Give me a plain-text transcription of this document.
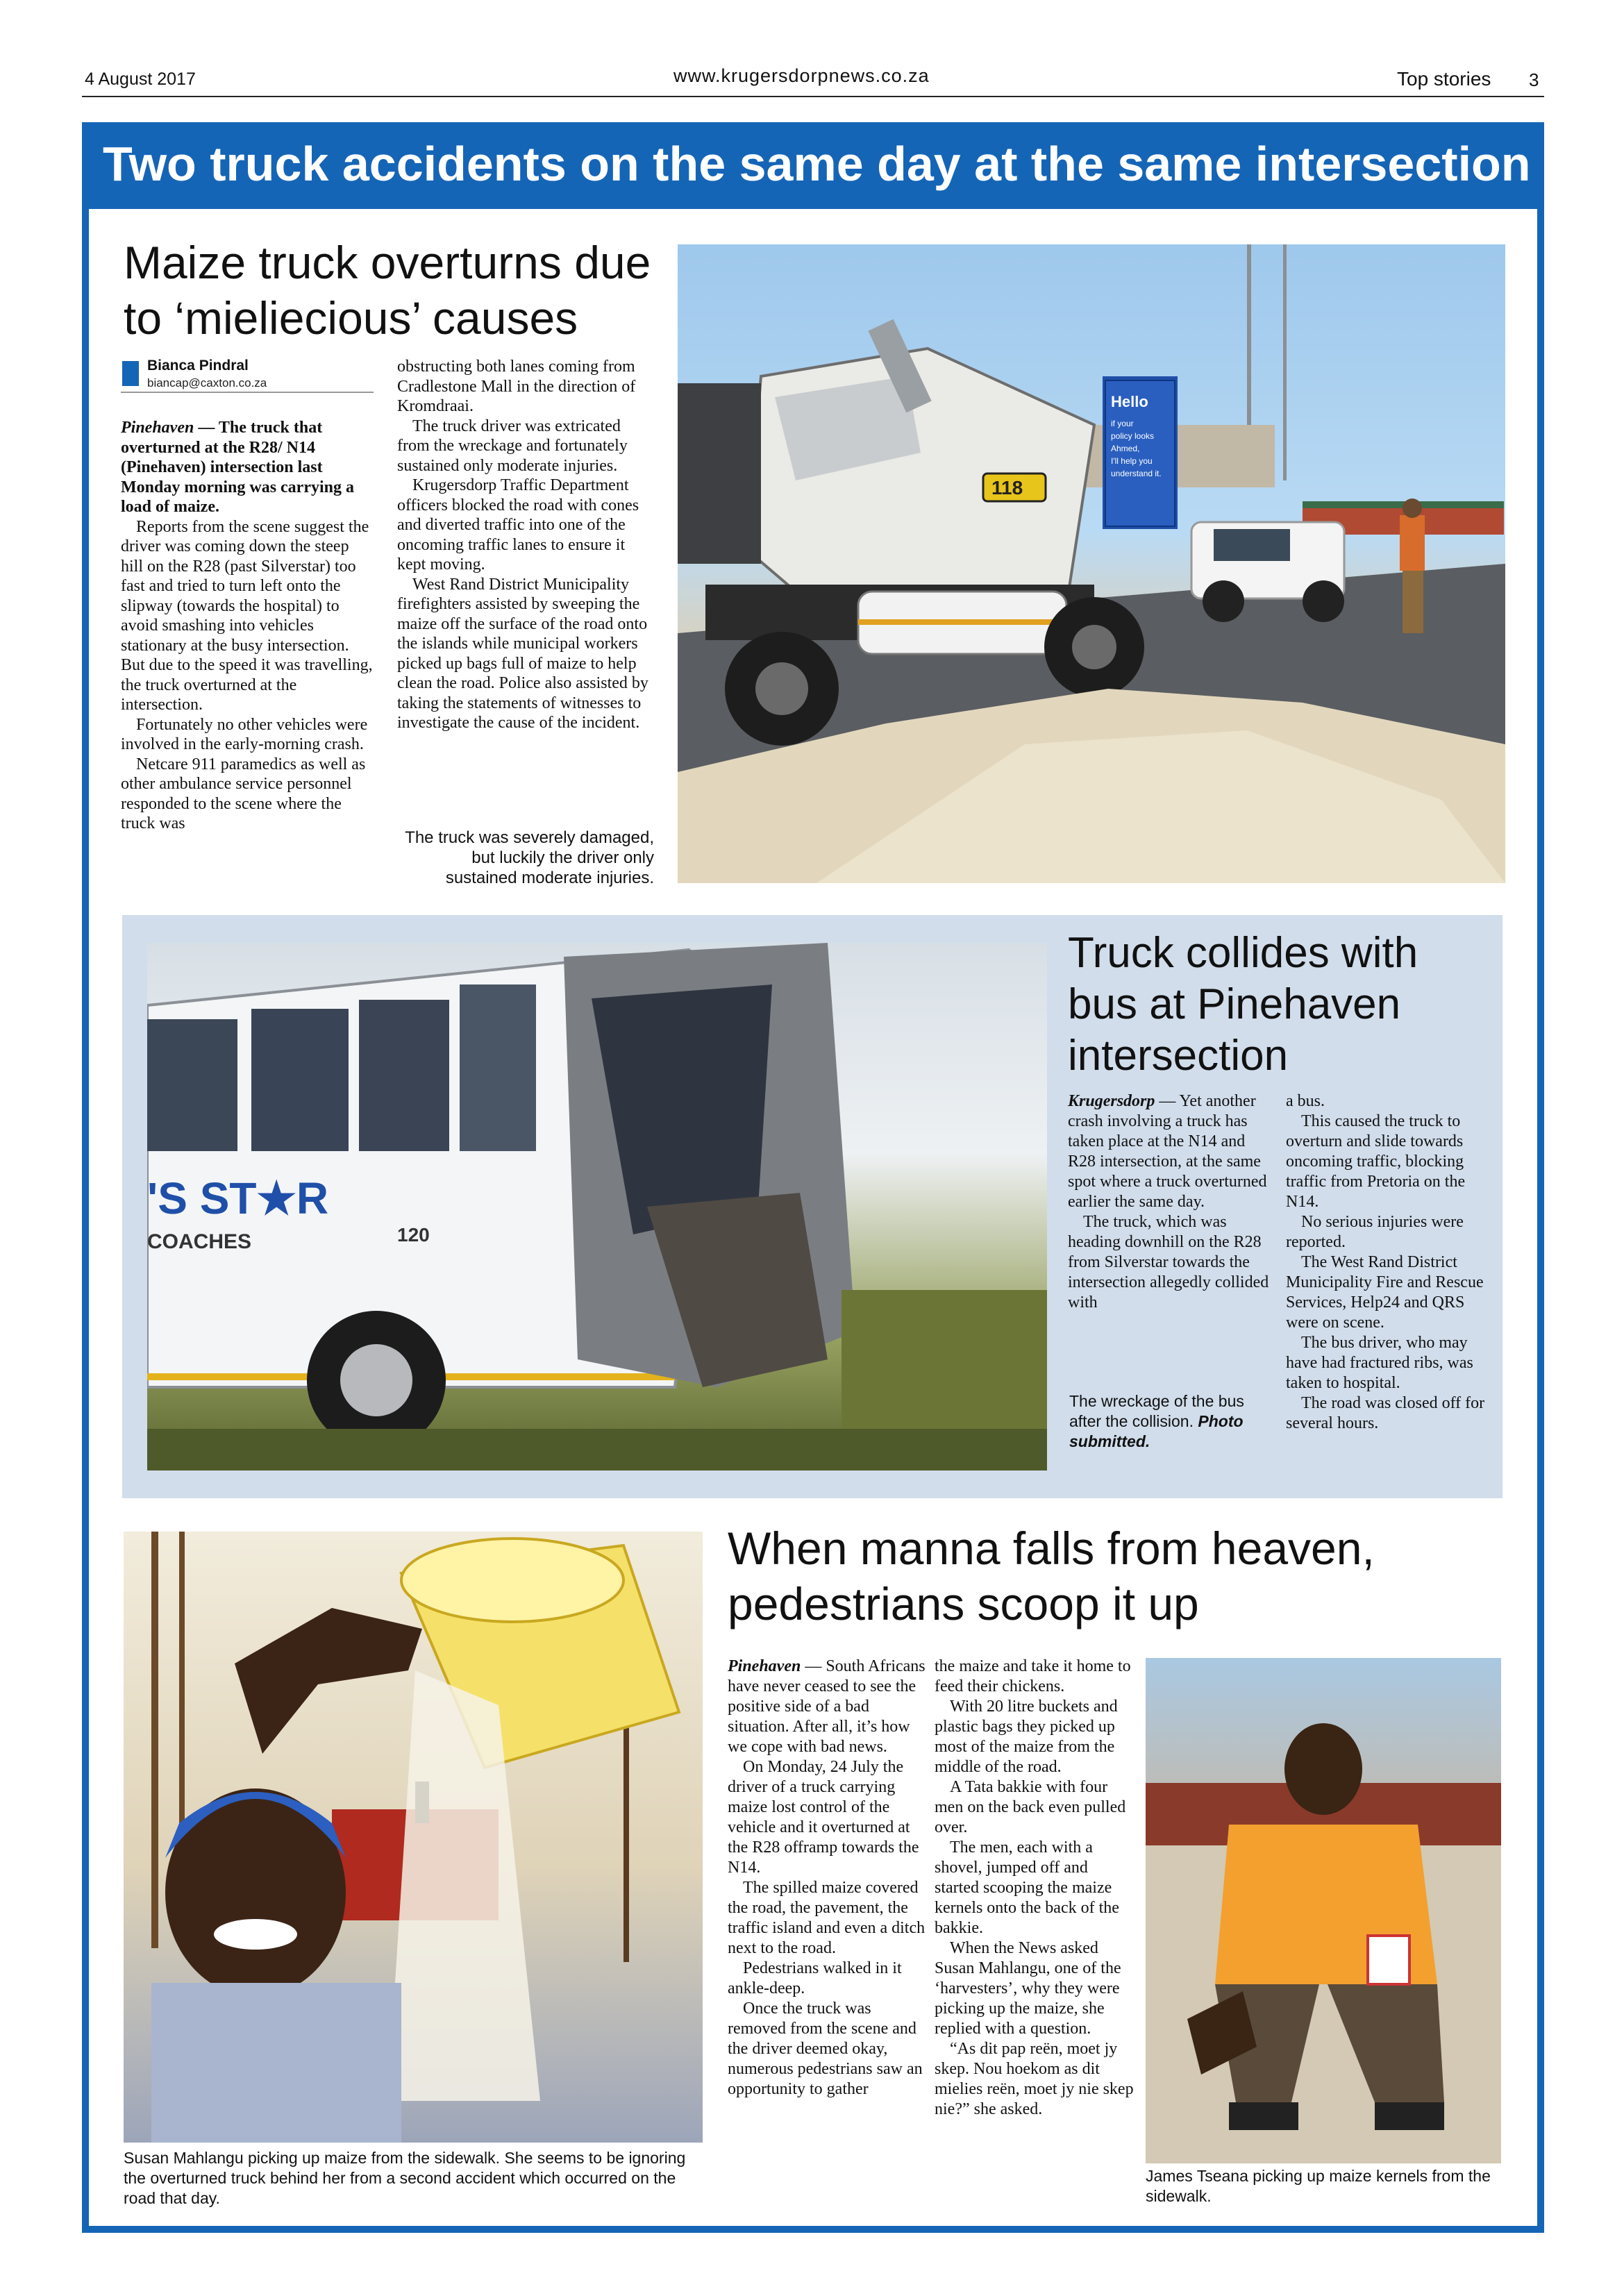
4 August 2017	www.krugersdorpnews.co.za	Top stories 3
Two truck accidents on the same day at the same intersection
Maize truck overturns due to ‘mieliecious’ causes
Bianca Pindral
biancap@caxton.co.za

Pinehaven — The truck that overturned at the R28/ N14 (Pinehaven) intersection last Monday morning was carrying a load of maize.

Reports from the scene suggest the driver was coming down the steep hill on the R28 (past Silverstar) too fast and tried to turn left onto the slipway (towards the hospital) to avoid smashing into vehicles stationary at the busy intersection. But due to the speed it was travelling, the truck overturned at the intersection.

Fortunately no other vehicles were involved in the early-morning crash.

Netcare 911 paramedics as well as other ambulance service personnel responded to the scene where the truck was

obstructing both lanes coming from Cradlestone Mall in the direction of Kromdraai.

The truck driver was extricated from the wreckage and fortunately sustained only moderate injuries.

Krugersdorp Traffic Department officers blocked the road with cones and diverted traffic into one of the oncoming traffic lanes to ensure it kept moving.

West Rand District Municipality firefighters assisted by sweeping the maize off the surface of the road onto the islands while municipal workers picked up bags full of maize to help clean the road. Police also assisted by taking the statements of witnesses to investigate the cause of the incident.

The truck was severely damaged, but luckily the driver only sustained moderate injuries.
Hello
if your
policy looks
Ahmed,
I'll help you
understand it.
118
'S ST★R
COACHES	120
Truck collides with bus at Pinehaven intersection

Krugersdorp — Yet another crash involving a truck has taken place at the N14 and R28 intersection, at the same spot where a truck overturned earlier the same day.

The truck, which was heading downhill on the R28 from Silverstar towards the intersection allegedly collided with

a bus.

This caused the truck to overturn and slide towards oncoming traffic, blocking traffic from Pretoria on the N14.

No serious injuries were reported.

The West Rand District Municipality Fire and Rescue Services, Help24 and QRS were on scene.

The bus driver, who may have had fractured ribs, was taken to hospital.

The road was closed off for several hours.

The wreckage of the bus after the collision. Photo submitted.
Susan Mahlangu picking up maize from the sidewalk. She seems to be ignoring the overturned truck behind her from a second accident which occurred on the road that day.
When manna falls from heaven, pedestrians scoop it up

Pinehaven — South Africans have never ceased to see the positive side of a bad situation. After all, it’s how we cope with bad news.

On Monday, 24 July the driver of a truck carrying maize lost control of the vehicle and it overturned at the R28 offramp towards the N14.

The spilled maize covered the road, the pavement, the traffic island and even a ditch next to the road.

Pedestrians walked in it ankle-deep.

Once the truck was removed from the scene and the driver deemed okay, numerous pedestrians saw an opportunity to gather

the maize and take it home to feed their chickens.

With 20 litre buckets and plastic bags they picked up most of the maize from the middle of the road.

A Tata bakkie with four men on the back even pulled over.

The men, each with a shovel, jumped off and started scooping the maize kernels onto the back of the bakkie.

When the News asked Susan Mahlangu, one of the ‘harvesters’, why they were picking up the maize, she replied with a question.

“As dit pap reën, moet jy skep. Nou hoekom as dit mielies reën, moet jy nie skep nie?” she asked.

James Tseana picking up maize kernels from the sidewalk.
